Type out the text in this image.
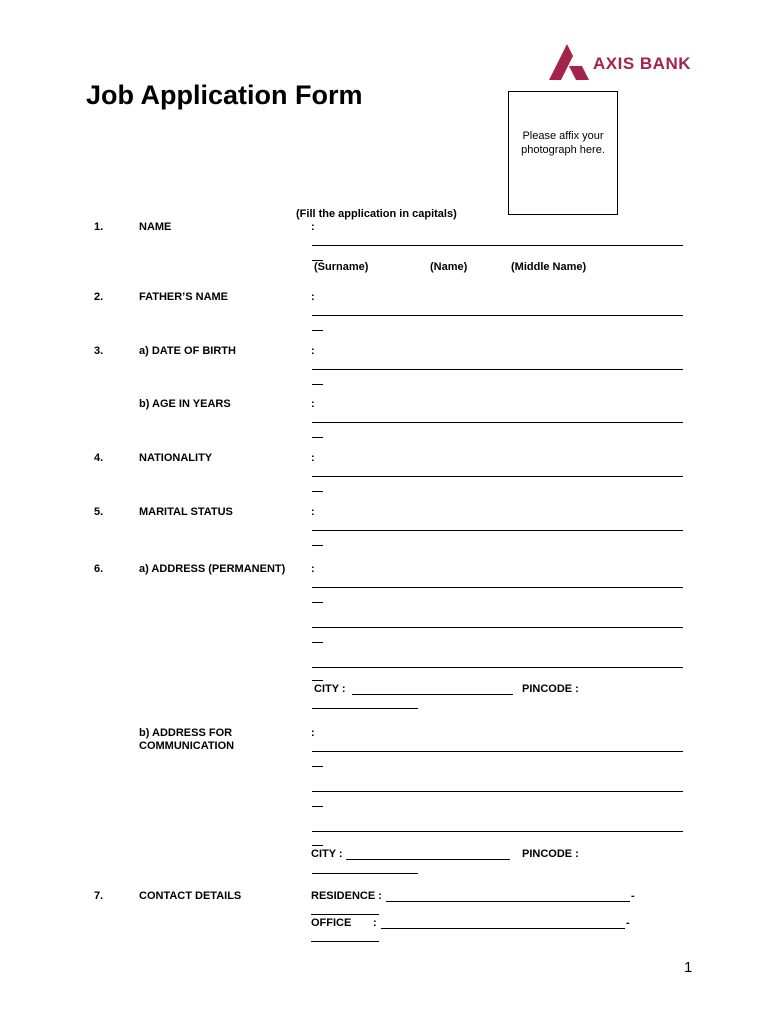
AXIS BANK
Job Application Form
Please affix your
photograph here.
(Fill the application in capitals)
1.	NAME	:
(Surname)	(Name)	(Middle Name)
2.	FATHER’S NAME	:
3.	a) DATE OF BIRTH	:
b) AGE IN YEARS	:
4.	NATIONALITY	:
5.	MARITAL STATUS	:
6.	a) ADDRESS (PERMANENT) :
CITY :	PINCODE :
b) ADDRESS FOR
COMMUNICATION
:
CITY :	PINCODE :
7.	CONTACT DETAILS	RESIDENCE :	-
OFFICE :	-
1
